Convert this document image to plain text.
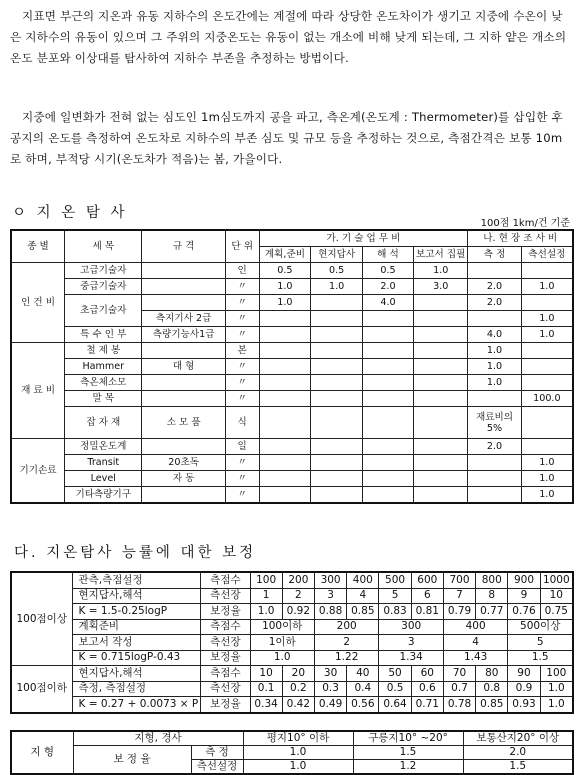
지표면 부근의 지온과 유동 지하수의 온도간에는 계절에 따라 상당한 온도차이가 생기고 지중에 수온이 낮은 지하수의 유동이 있으며 그 주위의 지중온도는 유동이 없는 개소에 비해 낮게 되는데, 그 지하 얕은 개소의 온도 분포와 이상대를 탐사하여 지하수 부존을 추정하는 방법이다.
지중에 일변화가 전혀 없는 심도인 1m심도까지 공을 파고, 측온계(온도계 : Thermometer)를 삽입한 후 공지의 온도를 측정하여 온도차로 지하수의 부존 심도 및 규모 등을 추정하는 것으로, 측점간격은 보통 10m로 하며, 부적당 시기(온도차가 적음)는 봄, 가을이다.
ㅇ 지 온 탐 사
100점 1km/건 기준
종 별	세 목	규 격	단 위	가. 기 술 업 무 비				나. 현 장 조 사 비	
				계획,준비	현지답사	해 석	보고서 집필	측 정	측선설정
인 건 비	고급기술자		인	0.5	0.5	0.5	1.0		
	중급기술자		〃	1.0	1.0	2.0	3.0	2.0	1.0
	초급기술자		〃	1.0		4.0		2.0	
		측지기사 2급	〃						1.0
	특 수 인 부	측량기능사1급	〃					4.0	1.0
재 료 비	철 제 봉		본					1.0	
	Hammer	대 형	〃					1.0	
	측온체소모		〃					1.0	
	말 목		〃						100.0
	잡 자 재	소 모 품	식					재료비의 5%	
기기손료	정밀온도계		일					2.0	
	Transit	20초독	〃						1.0
	Level	자 동	〃						1.0
	기타측량기구		〃						1.0
다. 지온탐사 능률에 대한 보정
100점이상	관측,측점설정	측점수	100	200	300	400	500	600	700	800	900	1000
	현지답사,해석	측선장	1	2	3	4	5	6	7	8	9	10
	K = 1.5-0.25logP	보정율	1.0	0.92	0.88	0.85	0.83	0.81	0.79	0.77	0.76	0.75
	계획준비	측점수	100이하		200		300		400		500이상	
	보고서 작성	측선장	1이하		2		3		4		5	
	K = 0.715logP-0.43	보정율	1.0		1.22		1.34		1.43		1.5	
100점이하	현지답사,해석	측점수	10	20	30	40	50	60	70	80	90	100
	측정, 측점설정	측선장	0.1	0.2	0.3	0.4	0.5	0.6	0.7	0.8	0.9	1.0
	K = 0.27 + 0.0073 × P	보정율	0.34	0.42	0.49	0.56	0.64	0.71	0.78	0.85	0.93	1.0
지 형	지형, 경사		평지10° 이하	구릉지10° ~20°	보통산지20° 이상
	보 정 율	측 정	1.0	1.5	2.0
		측선설정	1.0	1.2	1.5
